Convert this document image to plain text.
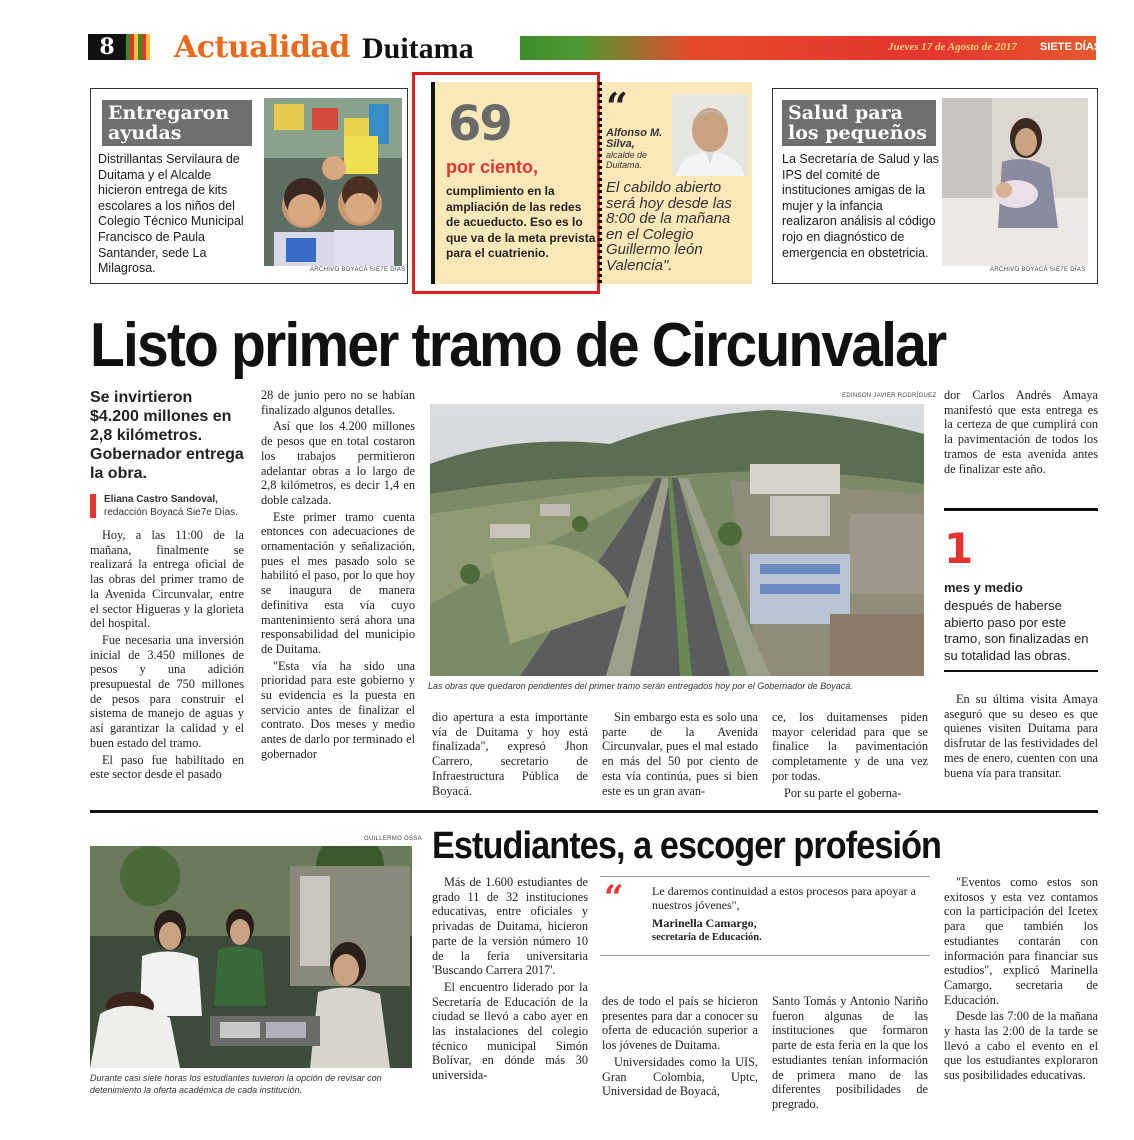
8	Actualidad Duitama	Jueves 17 de Agosto de 2017 SIETE DÍAS
Entregaron ayudas
Distrillantas Servilaura de Duitama y el Alcalde hicieron entrega de kits escolares a los niños del Colegio Técnico Municipal Francisco de Paula Santander, sede La Milagrosa.	ARCHIVO BOYACÁ SIE7E DÍAS
69
por ciento,
cumplimiento en la ampliación de las redes de acueducto. Eso es lo que va de la meta prevista para el cuatrienio.
“
Alfonso M. Silva,
alcalde de Duitama.
El cabildo abierto será hoy desde las 8:00 de la mañana en el Colegio Guillermo león Valencia".
Salud para los pequeños
La Secretaría de Salud y las IPS del comité de instituciones amigas de la mujer y la infancia realizaron análisis al código rojo en diagnóstico de emergencia en obstetricia.
ARCHIVO BOYACÁ SIE7E DÍAS
Listo primer tramo de Circunvalar
Se invirtieron $4.200 millones en 2,8 kilómetros. Gobernador entrega la obra.
Eliana Castro Sandoval,
redacción Boyacá Sie7e Días.

Hoy, a las 11:00 de la mañana, finalmente se realizará la entrega oficial de las obras del primer tramo de la Avenida Circunvalar, entre el sector Higueras y la glorieta del hospital.

Fue necesaria una inversión inicial de 3.450 millones de pesos y una adición presupuestal de 750 millones de pesos para construir el sistema de manejo de aguas y así garantizar la calidad y el buen estado del tramo.

El paso fue habilitado en este sector desde el pasado

28 de junio pero no se habían finalizado algunos detalles.

Así que los 4.200 millones de pesos que en total costaron los trabajos permitieron adelantar obras a lo largo de 2,8 kilómetros, es decir 1,4 en doble calzada.

Este primer tramo cuenta entonces con adecuaciones de ornamentación y señalización, pues el mes pasado solo se habilitó el paso, por lo que hoy se inaugura de manera definitiva esta vía cuyo mantenimiento será ahora una responsabilidad del municipio de Duitama.

"Esta vía ha sido una prioridad para este gobierno y su evidencia es la puesta en servicio antes de finalizar el contrato. Dos meses y medio antes de darlo por terminado el gobernador

EDINSON JAVIER RODRÍGUEZ
Las obras que quedaron pendientes del primer tramo serán entregados hoy por el Gobernador de Boyacá.
dor Carlos Andrés Amaya manifestó que esta entrega es la certeza de que cumplirá con la pavimentación de todos los tramos de esta avenida antes de finalizar este año.
1
mes y medio
después de haberse abierto paso por este tramo, son finalizadas en su totalidad las obras.
En su última visita Amaya aseguró que su deseo es que quienes visiten Duitama para disfrutar de las festividades del mes de enero, cuenten con una buena vía para transitar.
dio apertura a esta importante vía de Duitama y hoy está finalizada", expresó Jhon Carrero, secretario de Infraestructura Pública de Boyacá.
Sin embargo esta es solo una parte de la Avenida Circunvalar, pues el mal estado en más del 50 por ciento de esta vía continúa, pues si bien este es un gran avan-

ce, los duitamenses piden mayor celeridad para que se finalice la pavimentación completamente y de una vez por todas.

Por su parte el goberna-

GUILLERMO OSSA
Durante casi siete horas los estudiantes tuvieron la opción de revisar con detenimiento la oferta académica de cada institución.
Estudiantes, a escoger profesión

Más de 1.600 estudiantes de grado 11 de 32 instituciones educativas, entre oficiales y privadas de Duitama, hicieron parte de la versión número 10 de la feria universitaria 'Buscando Carrera 2017'.

El encuentro liderado por la Secretaría de Educación de la ciudad se llevó a cabo ayer en las instalaciones del colegio técnico municipal Simón Bolívar, en dónde más 30 universida-

“ Le daremos continuidad a estos procesos para apoyar a nuestros jóvenes",
Marinella Camargo,
secretaria de Educación.

des de todo el país se hicieron presentes para dar a conocer su oferta de educación superior a los jóvenes de Duitama.

Universidades como la UIS, Gran Colombia, Uptc, Universidad de Boyacá,

Santo Tomás y Antonio Nariño fueron algunas de las instituciones que formaron parte de esta feria en la que los estudiantes tenían información de primera mano de las diferentes posibilidades de pregrado.

"Eventos como estos son exitosos y esta vez contamos con la participación del Icetex para que también los estudiantes contarán con información para financiar sus estudios", explicó Marinella Camargo, secretaria de Educación.

Desde las 7:00 de la mañana y hasta las 2:00 de la tarde se llevó a cabo el evento en el que los estudiantes exploraron sus posibilidades educativas.
